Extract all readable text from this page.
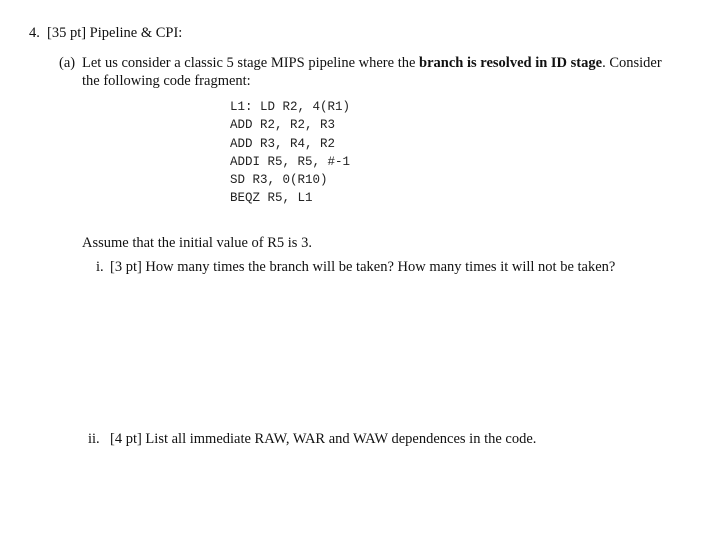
4. [35 pt] Pipeline & CPI:
(a) Let us consider a classic 5 stage MIPS pipeline where the branch is resolved in ID stage. Consider
the following code fragment:
L1: LD R2, 4(R1)
ADD R2, R2, R3
ADD R3, R4, R2
ADDI R5, R5, #-1
SD R3, 0(R10)
BEQZ R5, L1
Assume that the initial value of R5 is 3.
i. [3 pt] How many times the branch will be taken? How many times it will not be taken?
ii. [4 pt] List all immediate RAW, WAR and WAW dependences in the code.
